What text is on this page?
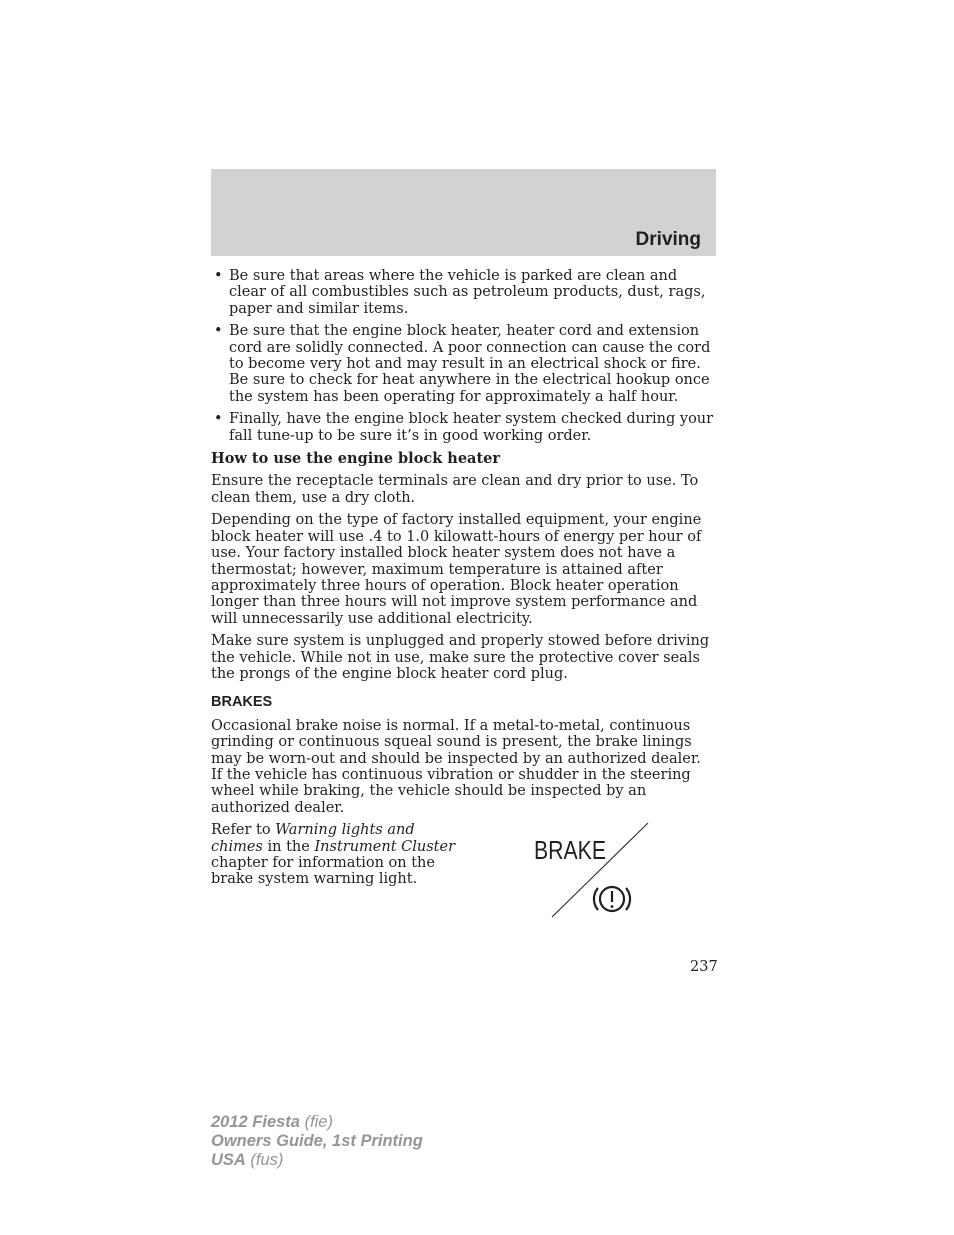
Driving
• Be sure that areas where the vehicle is parked are clean and clear of all combustibles such as petroleum products, dust, rags, paper and similar items.
• Be sure that the engine block heater, heater cord and extension cord are solidly connected. A poor connection can cause the cord to become very hot and may result in an electrical shock or fire. Be sure to check for heat anywhere in the electrical hookup once the system has been operating for approximately a half hour.
• Finally, have the engine block heater system checked during your fall tune-up to be sure it’s in good working order.
How to use the engine block heater

Ensure the receptacle terminals are clean and dry prior to use. To clean them, use a dry cloth.

Depending on the type of factory installed equipment, your engine block heater will use .4 to 1.0 kilowatt-hours of energy per hour of use. Your factory installed block heater system does not have a thermostat; however, maximum temperature is attained after approximately three hours of operation. Block heater operation longer than three hours will not improve system performance and will unnecessarily use additional electricity.

Make sure system is unplugged and properly stowed before driving the vehicle. While not in use, make sure the protective cover seals the prongs of the engine block heater cord plug.

BRAKES

Occasional brake noise is normal. If a metal-to-metal, continuous grinding or continuous squeal sound is present, the brake linings may be worn-out and should be inspected by an authorized dealer. If the vehicle has continuous vibration or shudder in the steering wheel while braking, the vehicle should be inspected by an authorized dealer.

Refer to Warning lights and chimes in the Instrument Cluster chapter for information on the brake system warning light.

BRAKE
237
2012 Fiesta (fie)
Owners Guide, 1st Printing
USA (fus)
